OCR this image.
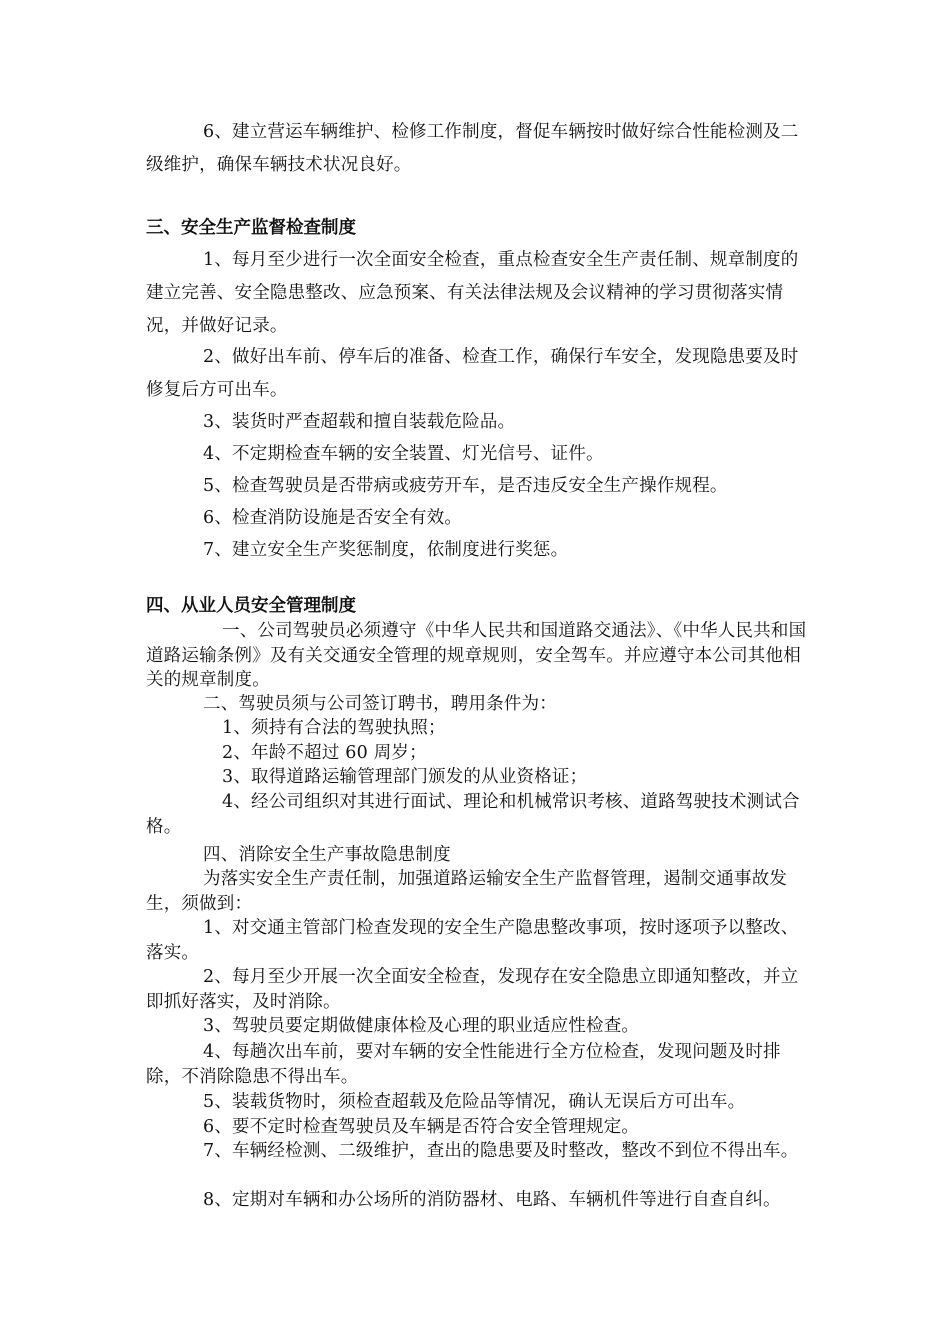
6、建立营运车辆维护、检修工作制度，督促车辆按时做好综合性能检测及二级维护，确保车辆技术状况良好。

三、安全生产监督检查制度

1、每月至少进行一次全面安全检查，重点检查安全生产责任制、规章制度的建立完善、安全隐患整改、应急预案、有关法律法规及会议精神的学习贯彻落实情况，并做好记录。

2、做好出车前、停车后的准备、检查工作，确保行车安全，发现隐患要及时修复后方可出车。

3、装货时严查超载和擅自装载危险品。

4、不定期检查车辆的安全装置、灯光信号、证件。

5、检查驾驶员是否带病或疲劳开车，是否违反安全生产操作规程。

6、检查消防设施是否安全有效。

7、建立安全生产奖惩制度，依制度进行奖惩。

四、从业人员安全管理制度

一、公司驾驶员必须遵守《中华人民共和国道路交通法》、《中华人民共和国道路运输条例》及有关交通安全管理的规章规则，安全驾车。并应遵守本公司其他相关的规章制度。

二、驾驶员须与公司签订聘书，聘用条件为：

1、须持有合法的驾驶执照；

2、年龄不超过 60 周岁；

3、取得道路运输管理部门颁发的从业资格证；

4、经公司组织对其进行面试、理论和机械常识考核、道路驾驶技术测试合格。

四、消除安全生产事故隐患制度

为落实安全生产责任制，加强道路运输安全生产监督管理，遏制交通事故发生，须做到：

1、对交通主管部门检查发现的安全生产隐患整改事项，按时逐项予以整改、落实。

2、每月至少开展一次全面安全检查，发现存在安全隐患立即通知整改，并立即抓好落实，及时消除。

3、驾驶员要定期做健康体检及心理的职业适应性检查。

4、每趟次出车前，要对车辆的安全性能进行全方位检查，发现问题及时排除，不消除隐患不得出车。

5、装载货物时，须检查超载及危险品等情况，确认无误后方可出车。

6、要不定时检查驾驶员及车辆是否符合安全管理规定。

7、车辆经检测、二级维护，查出的隐患要及时整改，整改不到位不得出车。

8、定期对车辆和办公场所的消防器材、电路、车辆机件等进行自查自纠。
